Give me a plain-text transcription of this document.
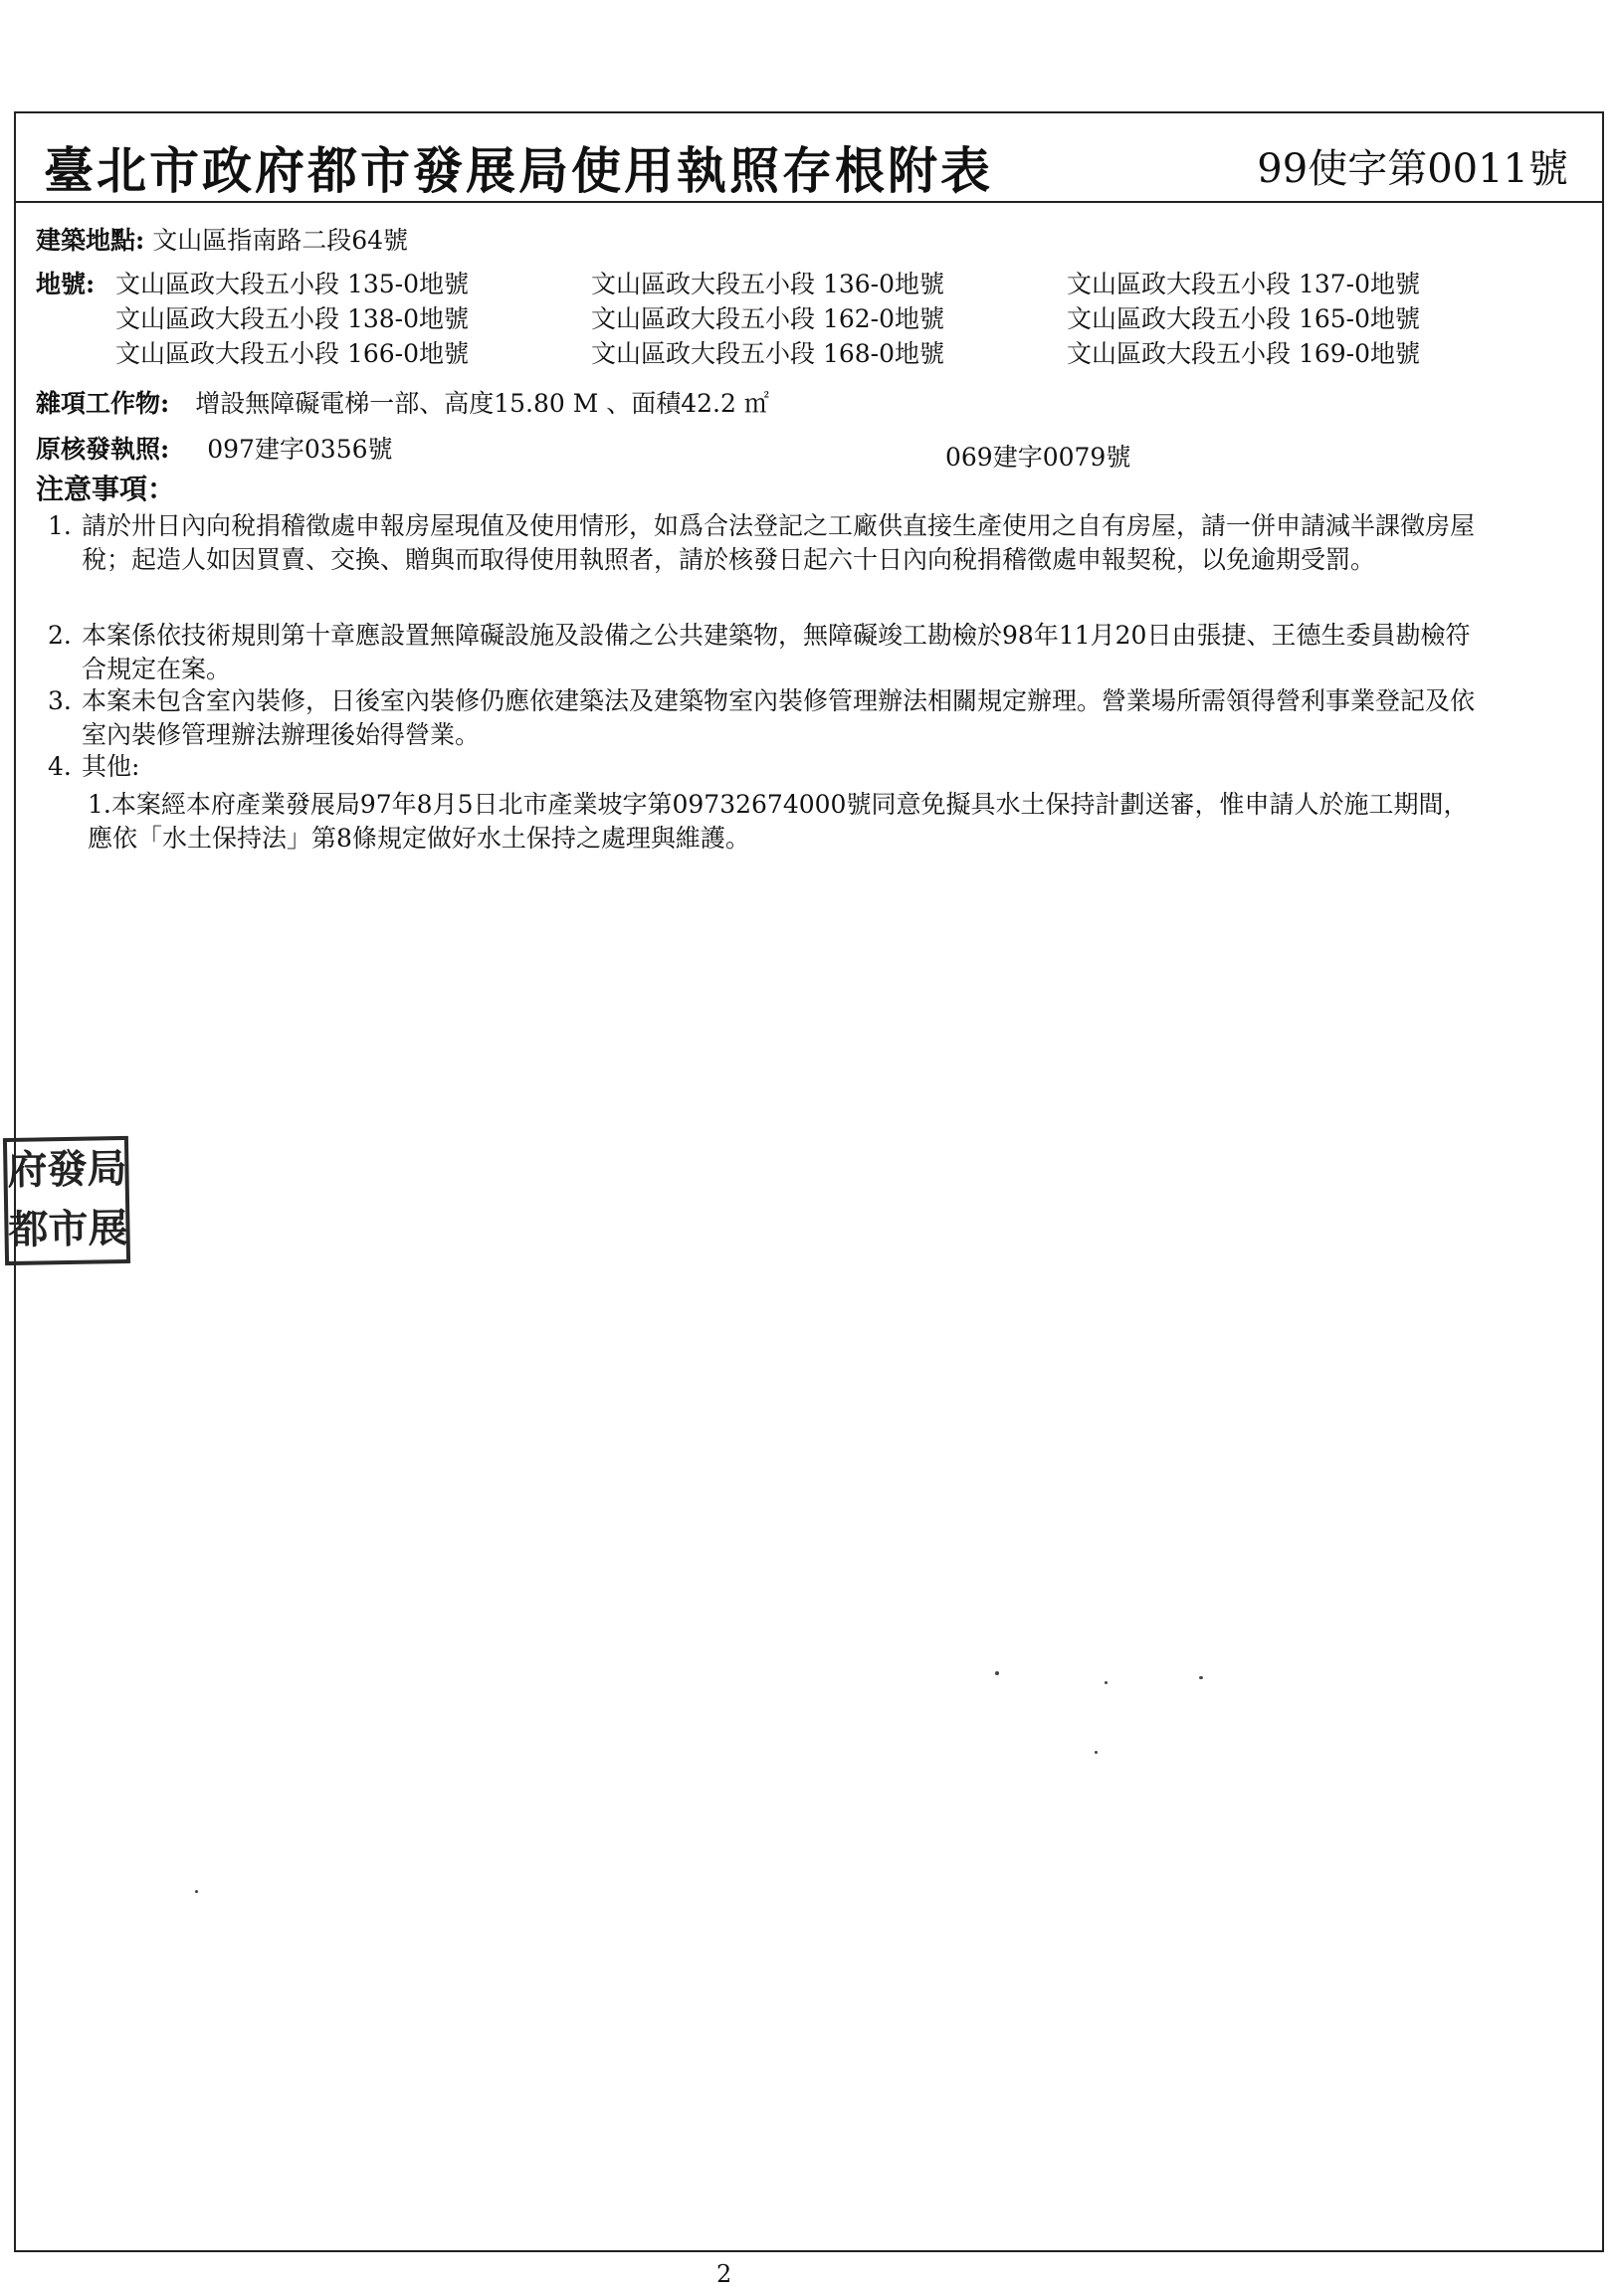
臺北市政府都市發展局使用執照存根附表	99使字第0011號
建築地點: 文山區指南路二段64號
地號: 文山區政大段五小段 135-0地號	文山區政大段五小段 136-0地號	文山區政大段五小段 137-0地號
文山區政大段五小段 138-0地號	文山區政大段五小段 162-0地號	文山區政大段五小段 165-0地號
文山區政大段五小段 166-0地號	文山區政大段五小段 168-0地號	文山區政大段五小段 169-0地號
雜項工作物: 增設無障礙電梯一部、高度15.80 M 、面積42.2 ㎡
原核發執照: 097建字0356號	069建字0079號
注意事項：
1. 請於卅日內向稅捐稽徵處申報房屋現值及使用情形，如爲合法登記之工廠供直接生產使用之自有房屋，請一併申請減半課徵房屋稅；起造人如因買賣、交換、贈與而取得使用執照者，請於核發日起六十日內向稅捐稽徵處申報契稅，以免逾期受罰。
2. 本案係依技術規則第十章應設置無障礙設施及設備之公共建築物，無障礙竣工勘檢於98年11月20日由張捷、王德生委員勘檢符合規定在案。
3. 本案未包含室內裝修，日後室內裝修仍應依建築法及建築物室內裝修管理辦法相關規定辦理。營業場所需領得營利事業登記及依室內裝修管理辦法辦理後始得營業。
4. 其他:
1.本案經本府產業發展局97年8月5日北市產業坡字第09732674000號同意免擬具水土保持計劃送審，惟申請人於施工期間，應依「水土保持法」第8條規定做好水土保持之處理與維護。
府 發 局
都 市 展
2
